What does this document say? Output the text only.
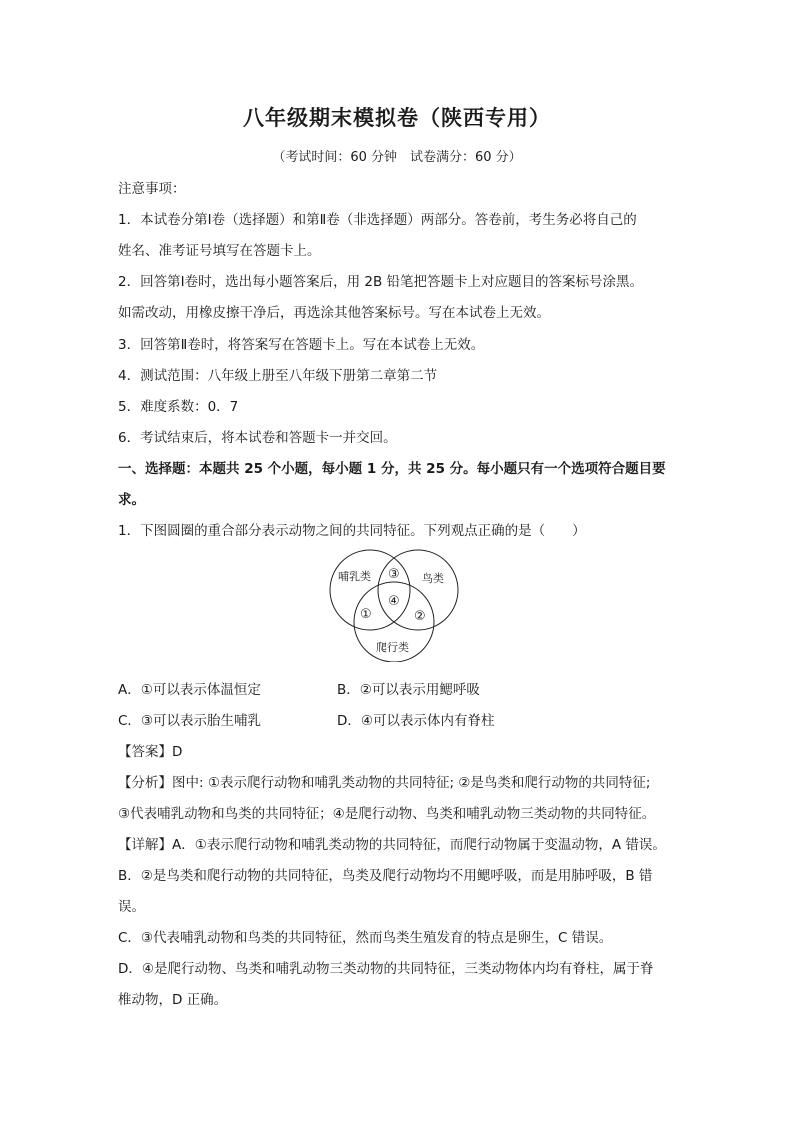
八年级期末模拟卷（陕西专用）
（考试时间：60 分钟　试卷满分：60 分）
注意事项：
1．本试卷分第Ⅰ卷（选择题）和第Ⅱ卷（非选择题）两部分。答卷前，考生务必将自己的
姓名、准考证号填写在答题卡上。
2．回答第Ⅰ卷时，选出每小题答案后，用 2B 铅笔把答题卡上对应题目的答案标号涂黑。
如需改动，用橡皮擦干净后，再选涂其他答案标号。写在本试卷上无效。
3．回答第Ⅱ卷时，将答案写在答题卡上。写在本试卷上无效。
4．测试范围：八年级上册至八年级下册第二章第二节
5．难度系数：0．7
6．考试结束后，将本试卷和答题卡一并交回。
一、选择题：本题共 25 个小题，每小题 1 分，共 25 分。每小题只有一个选项符合题目要
求。
1．下图圆圈的重合部分表示动物之间的共同特征。下列观点正确的是（　　）
哺乳类	鸟类
爬行类
③
④
①	②
A．①可以表示体温恒定	B．②可以表示用鳃呼吸
C．③可以表示胎生哺乳	D．④可以表示体内有脊柱
【答案】D
【分析】图中: ①表示爬行动物和哺乳类动物的共同特征; ②是鸟类和爬行动物的共同特征;
③代表哺乳动物和鸟类的共同特征；④是爬行动物、鸟类和哺乳动物三类动物的共同特征。
【详解】A．①表示爬行动物和哺乳类动物的共同特征，而爬行动物属于变温动物，A 错误。
B．②是鸟类和爬行动物的共同特征，鸟类及爬行动物均不用鳃呼吸，而是用肺呼吸，B 错
误。
C．③代表哺乳动物和鸟类的共同特征，然而鸟类生殖发育的特点是卵生，C 错误。
D．④是爬行动物、鸟类和哺乳动物三类动物的共同特征，三类动物体内均有脊柱，属于脊
椎动物，D 正确。
